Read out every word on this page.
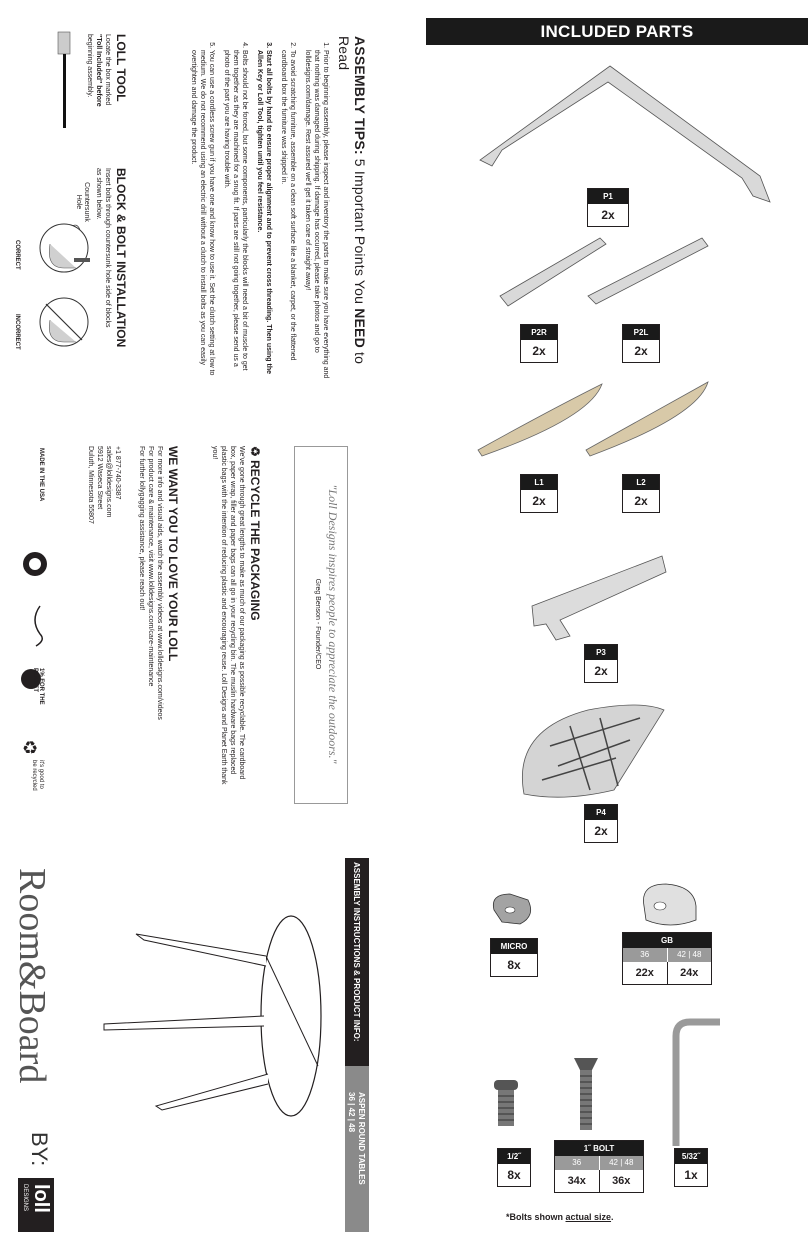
INCLUDED PARTS
P1
2x
P2R
2x
P2L
2x
L1
2x
L2
2x
P3
2x
P4
2x
MICRO
8x
GB
36	42 | 48
22x	24x
1/2˝
8x
1˝ BOLT
36	42 | 48
34x	36x
5/32˝
1x
*Bolts shown actual size.
ASSEMBLY TIPS: 5 Important Points You NEED to Read
1. Prior to beginning assembly, please inspect and inventory the parts to make sure you have everything and that nothing was damaged during shipping. If damage has occurred, please take photos and go to lolldesigns.com/damage. Rest assured we'll get it taken care of straight away!
2. To avoid scratching furniture, assemble on a clean soft surface like a blanket, carpet, or the flattened cardboard box the furniture was shipped in.
3. Start all bolts by hand to ensure proper alignment and to prevent cross threading. Then using the Allen Key or Loll Tool, tighten until you feel resistance.
4. Bolts should not be forced, but some components, particularly the blocks will need a bit of muscle to get them together as they are machined for a snug fit. If parts are still not going together, please send us a photo of the part you are having trouble with.
5. You can use a cordless screw gun if you have one and know how to use it. Set the clutch setting at low to medium. We do not recommend using an electric drill without a clutch to install bolts as you can easily overtighten and damage the product.

LOLL TOOL

Locate the box marked

"Toll Included" before

beginning assembly.

BLOCK & BOLT INSTALLATION

Insert bolts through countersunk hole side of blocks

as shown below.

Countersunk
Hole
CORRECT
INCORRECT
"Loll Designs inspires people to appreciate the outdoors."
Greg Benson - Founder/CEO

♻ RECYCLE THE PACKAGING

We've gone through great lengths to make as much of our packaging as possible recyclable. The cardboard box, paper wrap, filler and paper bags can all go in your recycling bin. The muslin hardware bags replaced plastic bags with the intention of reducing plastic and encouraging reuse. Loll Designs and Planet Earth thank you!

WE WANT YOU TO LOVE YOUR LOLL

For more info and visual aids, watch the assembly videos at www.lolldesigns.com/videos

For product care & maintenance, visit www.lolldesigns.com/care-maintenance

For further lollygagging assistance, please reach out!

+1 877-740-3387

sales@lolldesigns.com

5912 Waseca Street

Duluth, Minnesota 55807

MADE IN THE USA
1% FOR THE PLANET
♻
it's good to
be recycled
ASSEMBLY INSTRUCTIONS & PRODUCT INFO:
ASPEN ROUND TABLES
36 | 42 | 48
Room&Board
BY:
loll
DESIGNS
